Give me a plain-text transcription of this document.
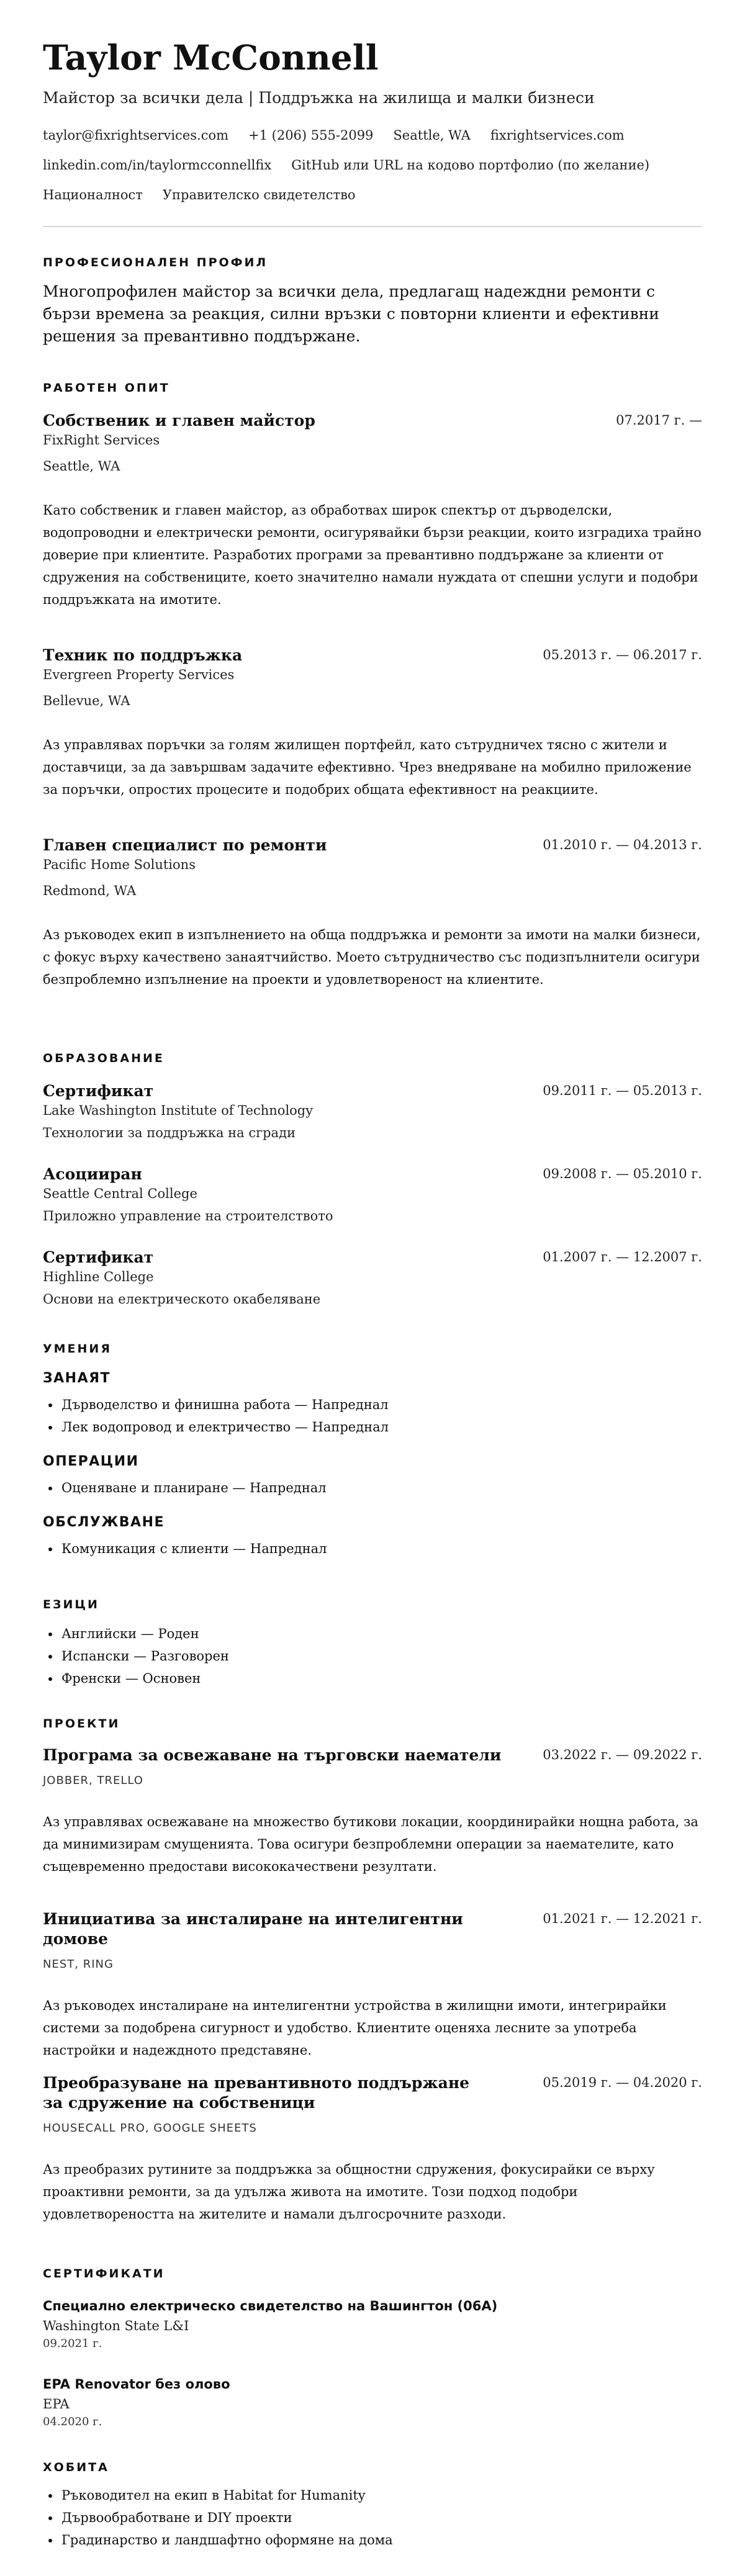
Taylor McConnell
Майстор за всички дела | Поддръжка на жилища и малки бизнеси
taylor@fixrightservices.com +1 (206) 555-2099 Seattle, WA fixrightservices.com
linkedin.com/in/taylormcconnellfix GitHub или URL на кодово портфолио (по желание)
Националност Управителско свидетелство
ПРОФЕСИОНАЛЕН ПРОФИЛ
Многопрофилен майстор за всички дела, предлагащ надеждни ремонти с бързи времена за реакция, силни връзки с повторни клиенти и ефективни решения за превантивно поддържане.
РАБОТЕН ОПИТ
Собственик и главен майстор	07.2017 г. —
FixRight Services
Seattle, WA
Като собственик и главен майстор, аз обработвах широк спектър от дърводелски, водопроводни и електрически ремонти, осигурявайки бързи реакции, които изградиха трайно доверие при клиентите. Разработих програми за превантивно поддържане за клиенти от сдружения на собствениците, което значително намали нуждата от спешни услуги и подобри поддръжката на имотите.
Техник по поддръжка	05.2013 г. — 06.2017 г.
Evergreen Property Services
Bellevue, WA
Аз управлявах поръчки за голям жилищен портфейл, като сътрудничех тясно с жители и доставчици, за да завършвам задачите ефективно. Чрез внедряване на мобилно приложение за поръчки, опростих процесите и подобрих общата ефективност на реакциите.
Главен специалист по ремонти	01.2010 г. — 04.2013 г.
Pacific Home Solutions
Redmond, WA
Аз ръководех екип в изпълнението на обща поддръжка и ремонти за имоти на малки бизнеси, с фокус върху качествено занаятчийство. Моето сътрудничество със подизпълнители осигури безпроблемно изпълнение на проекти и удовлетвореност на клиентите.
ОБРАЗОВАНИЕ
Сертификат	09.2011 г. — 05.2013 г.
Lake Washington Institute of Technology
Технологии за поддръжка на сгради
Асоцииран	09.2008 г. — 05.2010 г.
Seattle Central College
Приложно управление на строителството
Сертификат	01.2007 г. — 12.2007 г.
Highline College
Основи на електрическото окабеляване
УМЕНИЯ
ЗАНАЯТ
• Дърводелство и финишна работа — Напреднал
• Лек водопровод и електричество — Напреднал
ОПЕРАЦИИ
• Оценяване и планиране — Напреднал
ОБСЛУЖВАНЕ
• Комуникация с клиенти — Напреднал
ЕЗИЦИ
• Английски — Роден
• Испански — Разговорен
• Френски — Основен
ПРОЕКТИ
Програма за освежаване на търговски наематели	03.2022 г. — 09.2022 г.
JOBBER, TRELLO
Аз управлявах освежаване на множество бутикови локации, координирайки нощна работа, за да минимизирам смущенията. Това осигури безпроблемни операции за наемателите, като същевременно предостави висококачествени резултати.
Инициатива за инсталиране на интелигентни домове
01.2021 г. — 12.2021 г.
NEST, RING
Аз ръководех инсталиране на интелигентни устройства в жилищни имоти, интегрирайки системи за подобрена сигурност и удобство. Клиентите оценяха лесните за употреба настройки и надеждното представяне.
Преобразуване на превантивното поддържане за сдружение на собственици
05.2019 г. — 04.2020 г.
HOUSECALL PRO, GOOGLE SHEETS
Аз преобразих рутините за поддръжка за общностни сдружения, фокусирайки се върху проактивни ремонти, за да удължа живота на имотите. Този подход подобри удовлетвореността на жителите и намали дългосрочните разходи.
СЕРТИФИКАТИ
Специално електрическо свидетелство на Вашингтон (06А)
Washington State L&I
09.2021 г.
EPA Renovator без олово
EPA
04.2020 г.
ХОБИТА
• Ръководител на екип в Habitat for Humanity
• Дървообработване и DIY проекти
• Градинарство и ландшафтно оформяне на дома
